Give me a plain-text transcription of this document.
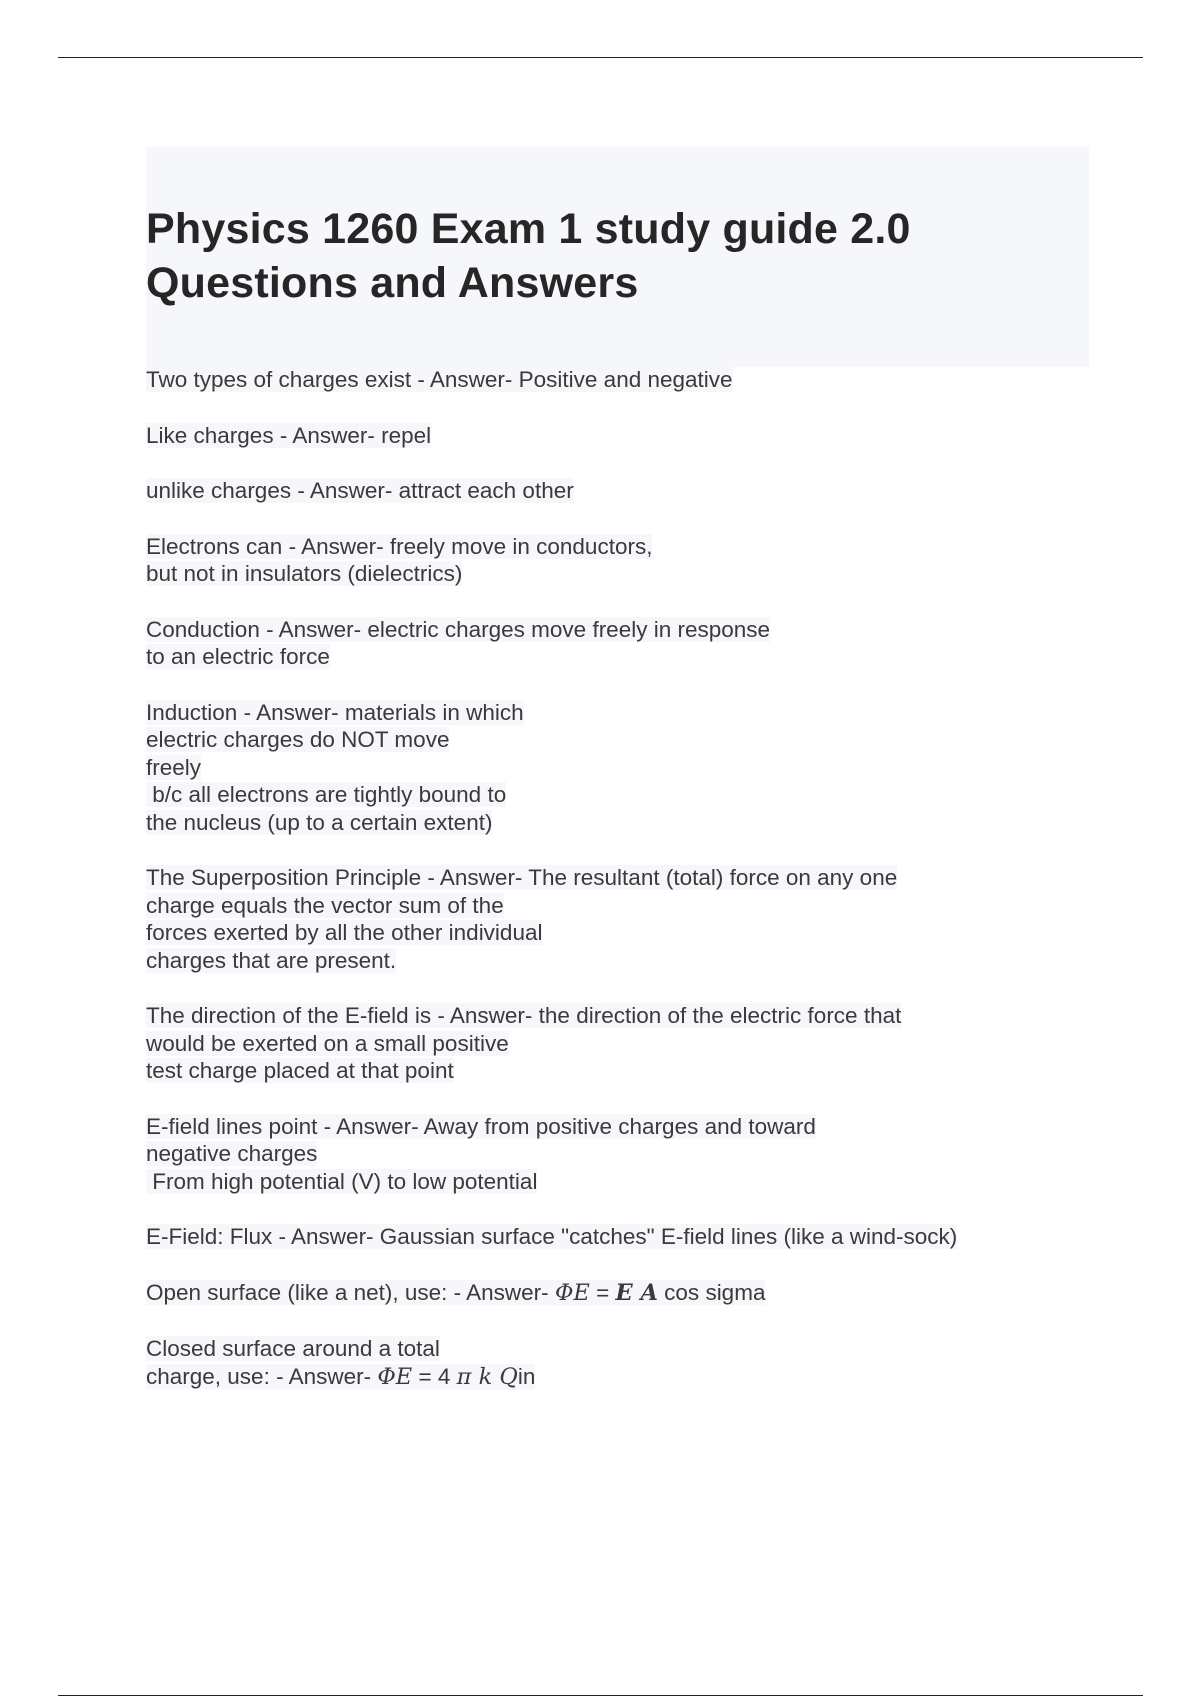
Physics 1260 Exam 1 study guide 2.0
Questions and Answers
Two types of charges exist - Answer- Positive and negative
Like charges - Answer- repel
unlike charges - Answer- attract each other
Electrons can - Answer- freely move in conductors,
but not in insulators (dielectrics)
Conduction - Answer- electric charges move freely in response
to an electric force
Induction - Answer- materials in which
electric charges do NOT move
freely
b/c all electrons are tightly bound to
the nucleus (up to a certain extent)
The Superposition Principle - Answer- The resultant (total) force on any one
charge equals the vector sum of the
forces exerted by all the other individual
charges that are present.
The direction of the E-field is - Answer- the direction of the electric force that
would be exerted on a small positive
test charge placed at that point
E-field lines point - Answer- Away from positive charges and toward
negative charges
From high potential (V) to low potential
E-Field: Flux - Answer- Gaussian surface "catches" E-field lines (like a wind-sock)
Open surface (like a net), use: - Answer- ΦE = E A cos sigma
Closed surface around a total
charge, use: - Answer- ΦE = 4 π k Qin
